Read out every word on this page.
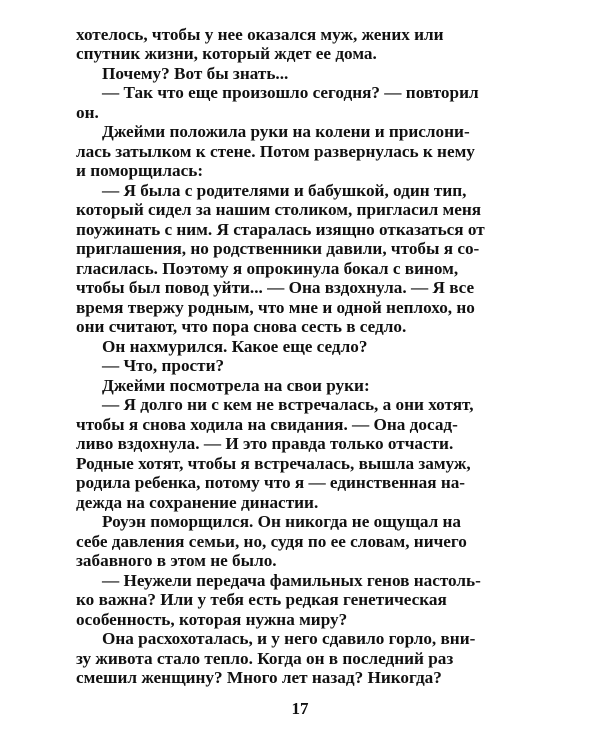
хотелось, чтобы у нее оказался муж, жених или
спутник жизни, который ждет ее дома.
Почему? Вот бы знать...
— Так что еще произошло сегодня? — повторил
он.
Джейми положила руки на колени и прислони-
лась затылком к стене. Потом развернулась к нему
и поморщилась:
— Я была с родителями и бабушкой, один тип,
который сидел за нашим столиком, пригласил меня
поужинать с ним. Я старалась изящно отказаться от
приглашения, но родственники давили, чтобы я со-
гласилась. Поэтому я опрокинула бокал с вином,
чтобы был повод уйти... — Она вздохнула. — Я все
время твержу родным, что мне и одной неплохо, но
они считают, что пора снова сесть в седло.
Он нахмурился. Какое еще седло?
— Что, прости?
Джейми посмотрела на свои руки:
— Я долго ни с кем не встречалась, а они хотят,
чтобы я снова ходила на свидания. — Она досад-
ливо вздохнула. — И это правда только отчасти.
Родные хотят, чтобы я встречалась, вышла замуж,
родила ребенка, потому что я — единственная на-
дежда на сохранение династии.
Роуэн поморщился. Он никогда не ощущал на
себе давления семьи, но, судя по ее словам, ничего
забавного в этом не было.
— Неужели передача фамильных генов настоль-
ко важна? Или у тебя есть редкая генетическая
особенность, которая нужна миру?
Она расхохоталась, и у него сдавило горло, вни-
зу живота стало тепло. Когда он в последний раз
смешил женщину? Много лет назад? Никогда?
17
